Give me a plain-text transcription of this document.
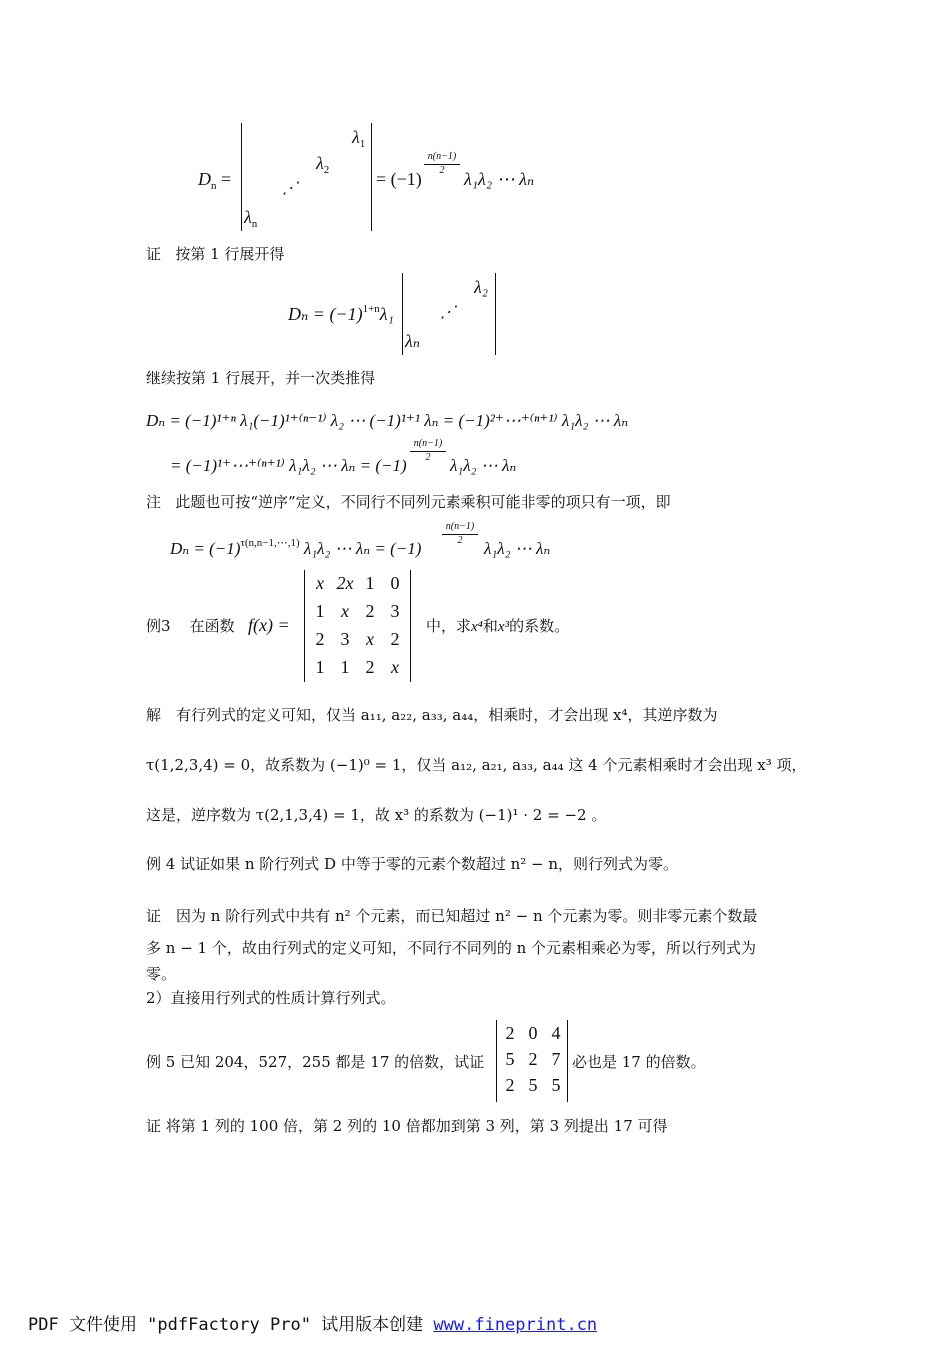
$D_n$ =
$\lambda_1$
$\lambda_2$
⋰
$\lambda_n$
= (−1)
n(n−1)
2	λ₁λ₂ ⋯ λₙ
证 按第 1 行展开得
$D_n = (-1)^{1+n}\lambda_1$
λ₂
⋰
λₙ
继续按第 1 行展开，并一次类推得
Dₙ = (−1)¹⁺ⁿ λ₁(−1)¹⁺⁽ⁿ⁻¹⁾ λ₂ ⋯ (−1)¹⁺¹ λₙ = (−1)²⁺⋯⁺⁽ⁿ⁺¹⁾ λ₁λ₂ ⋯ λₙ
= (−1)¹⁺⋯⁺⁽ⁿ⁺¹⁾ λ₁λ₂ ⋯ λₙ = (−1)
n(n−1)
2	λ₁λ₂ ⋯ λₙ
注 此题也可按“逆序”定义，不同行不同列元素乘积可能非零的项只有一项，即
$D_n = (-1)^{\tau(n,n-1,\cdots,1)}$ λ₁λ₂ ⋯ λₙ = (−1)
n(n−1)
2	λ₁λ₂ ⋯ λₙ
例3 在函数 f(x) =
x 2x 1 0
1 x 2 3
2 3 x 2
1 1 2 x
中，求x⁴和x³的系数。
解　有行列式的定义可知，仅当 a₁₁, a₂₂, a₃₃, a₄₄，相乘时，才会出现 x⁴，其逆序数为
τ(1,2,3,4) = 0，故系数为 (−1)⁰ = 1，仅当 a₁₂, a₂₁, a₃₃, a₄₄ 这 4 个元素相乘时才会出现 x³ 项，
这是，逆序数为 τ(2,1,3,4) = 1，故 x³ 的系数为 (−1)¹ · 2 = −2 。
例 4 试证如果 n 阶行列式 D 中等于零的元素个数超过 n² − n，则行列式为零。
证　因为 n 阶行列式中共有 n² 个元素，而已知超过 n² − n 个元素为零。则非零元素个数最
多 n − 1 个，故由行列式的定义可知，不同行不同列的 n 个元素相乘必为零，所以行列式为
零。
2）直接用行列式的性质计算行列式。
例 5 已知 204，527，255 都是 17 的倍数，试证
2 0 4
5 2 7
2 5 5
必也是 17 的倍数。
证 将第 1 列的 100 倍，第 2 列的 10 倍都加到第 3 列，第 3 列提出 17 可得
PDF 文件使用 "pdfFactory Pro" 试用版本创建 www.fineprint.cn
